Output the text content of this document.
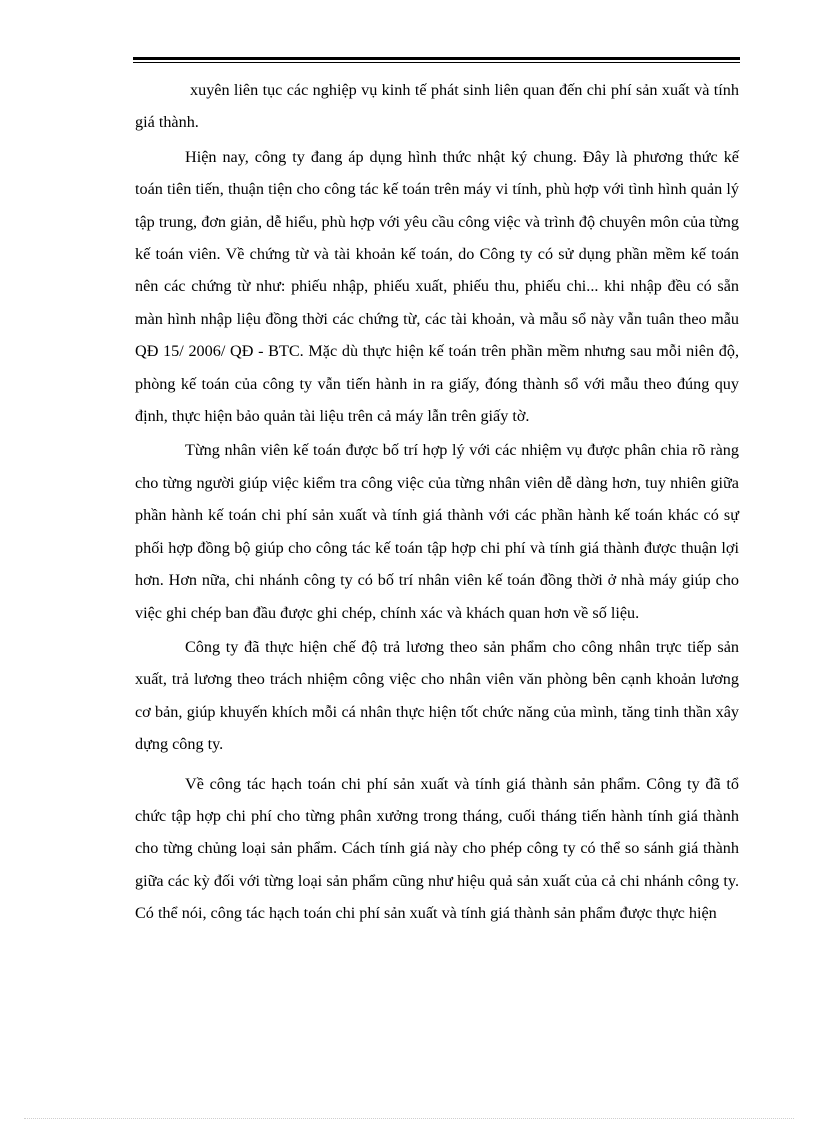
xuyên liên tục các nghiệp vụ kinh tế phát sinh liên quan đến chi phí sản xuất và tính giá thành.

Hiện nay, công ty đang áp dụng hình thức nhật ký chung. Đây là phương thức kế toán tiên tiến, thuận tiện cho công tác kế toán trên máy vi tính, phù hợp với tình hình quản lý tập trung, đơn giản, dễ hiểu, phù hợp với yêu cầu công việc và trình độ chuyên môn của từng kế toán viên. Về chứng từ và tài khoản kế toán, do Công ty có sử dụng phần mềm kế toán nên các chứng từ như: phiếu nhập, phiếu xuất, phiếu thu, phiếu chi... khi nhập đều có sẵn màn hình nhập liệu đồng thời các chứng từ, các tài khoản, và mẫu sổ này vẫn tuân theo mẫu QĐ 15/ 2006/ QĐ - BTC. Mặc dù thực hiện kế toán trên phần mềm nhưng sau mỗi niên độ, phòng kế toán của công ty vẫn tiến hành in ra giấy, đóng thành sổ với mẫu theo đúng quy định, thực hiện bảo quản tài liệu trên cả máy lẫn trên giấy tờ.

Từng nhân viên kế toán được bố trí hợp lý với các nhiệm vụ được phân chia rõ ràng cho từng người giúp việc kiểm tra công việc của từng nhân viên dễ dàng hơn, tuy nhiên giữa phần hành kế toán chi phí sản xuất và tính giá thành với các phần hành kế toán khác có sự phối hợp đồng bộ giúp cho công tác kế toán tập hợp chi phí và tính giá thành được thuận lợi hơn. Hơn nữa, chi nhánh công ty có bố trí nhân viên kế toán đồng thời ở nhà máy giúp cho việc ghi chép ban đầu được ghi chép, chính xác và khách quan hơn về số liệu.

Công ty đã thực hiện chế độ trả lương theo sản phẩm cho công nhân trực tiếp sản xuất, trả lương theo trách nhiệm công việc cho nhân viên văn phòng bên cạnh khoản lương cơ bản, giúp khuyến khích mỗi cá nhân thực hiện tốt chức năng của mình, tăng tinh thần xây dựng công ty.

Về công tác hạch toán chi phí sản xuất và tính giá thành sản phẩm. Công ty đã tổ chức tập hợp chi phí cho từng phân xưởng trong tháng, cuối tháng tiến hành tính giá thành cho từng chủng loại sản phẩm. Cách tính giá này cho phép công ty có thể so sánh giá thành giữa các kỳ đối với từng loại sản phẩm cũng như hiệu quả sản xuất của cả chi nhánh công ty. Có thể nói, công tác hạch toán chi phí sản xuất và tính giá thành sản phẩm được thực hiện
